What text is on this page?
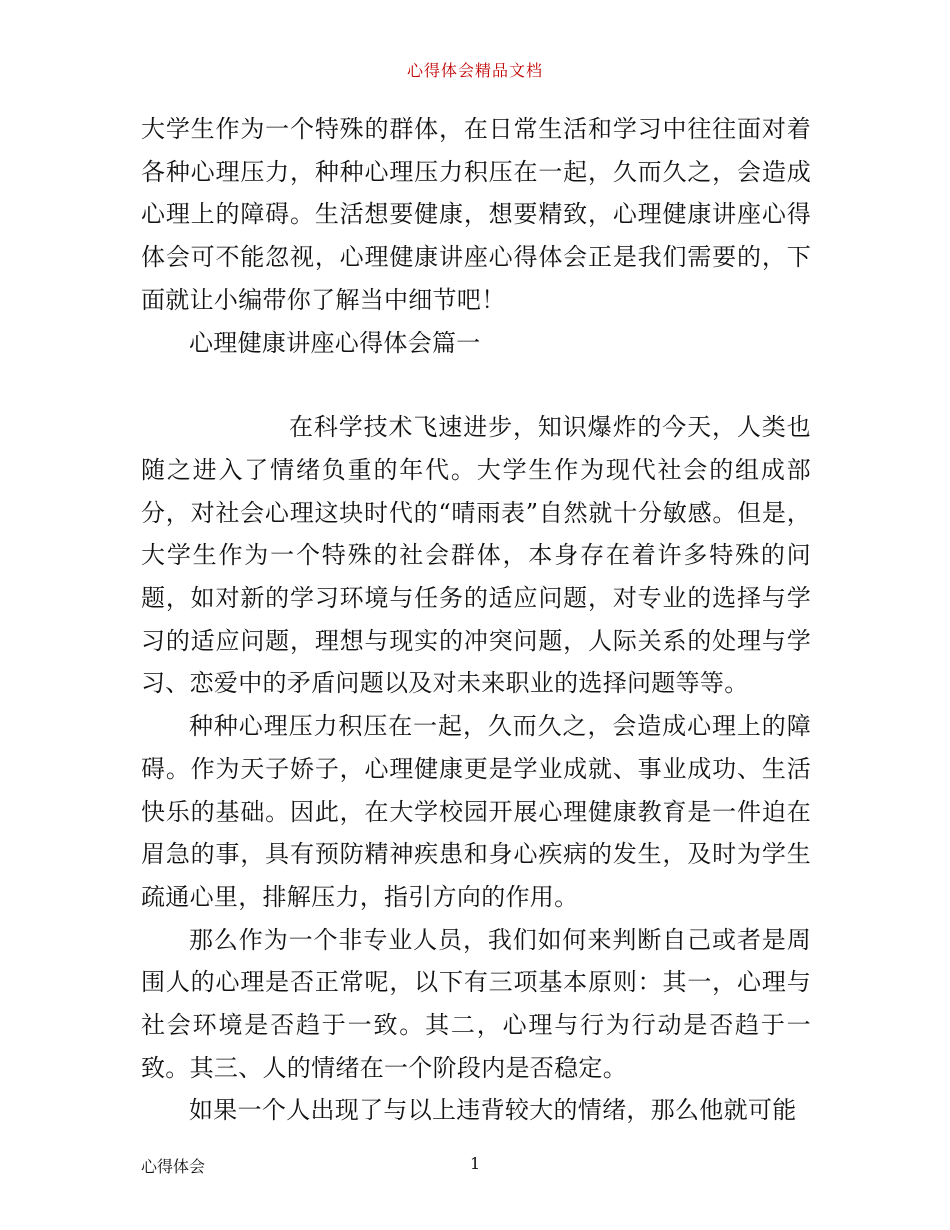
心得体会精品文档

大学生作为一个特殊的群体，在日常生活和学习中往往面对着各种心理压力，种种心理压力积压在一起，久而久之，会造成心理上的障碍。生活想要健康，想要精致，心理健康讲座心得体会可不能忽视，心理健康讲座心得体会正是我们需要的，下面就让小编带你了解当中细节吧！

心理健康讲座心得体会篇一

在科学技术飞速进步，知识爆炸的今天，人类也随之进入了情绪负重的年代。大学生作为现代社会的组成部分，对社会心理这块时代的“晴雨表”自然就十分敏感。但是，大学生作为一个特殊的社会群体，本身存在着许多特殊的问题，如对新的学习环境与任务的适应问题，对专业的选择与学习的适应问题，理想与现实的冲突问题，人际关系的处理与学习、恋爱中的矛盾问题以及对未来职业的选择问题等等。

种种心理压力积压在一起，久而久之，会造成心理上的障碍。作为天子娇子，心理健康更是学业成就、事业成功、生活快乐的基础。因此，在大学校园开展心理健康教育是一件迫在眉急的事，具有预防精神疾患和身心疾病的发生，及时为学生疏通心里，排解压力，指引方向的作用。

那么作为一个非专业人员，我们如何来判断自己或者是周围人的心理是否正常呢，以下有三项基本原则：其一，心理与社会环境是否趋于一致。其二，心理与行为行动是否趋于一致。其三、人的情绪在一个阶段内是否稳定。

如果一个人出现了与以上违背较大的情绪，那么他就可能

心得体会	1
